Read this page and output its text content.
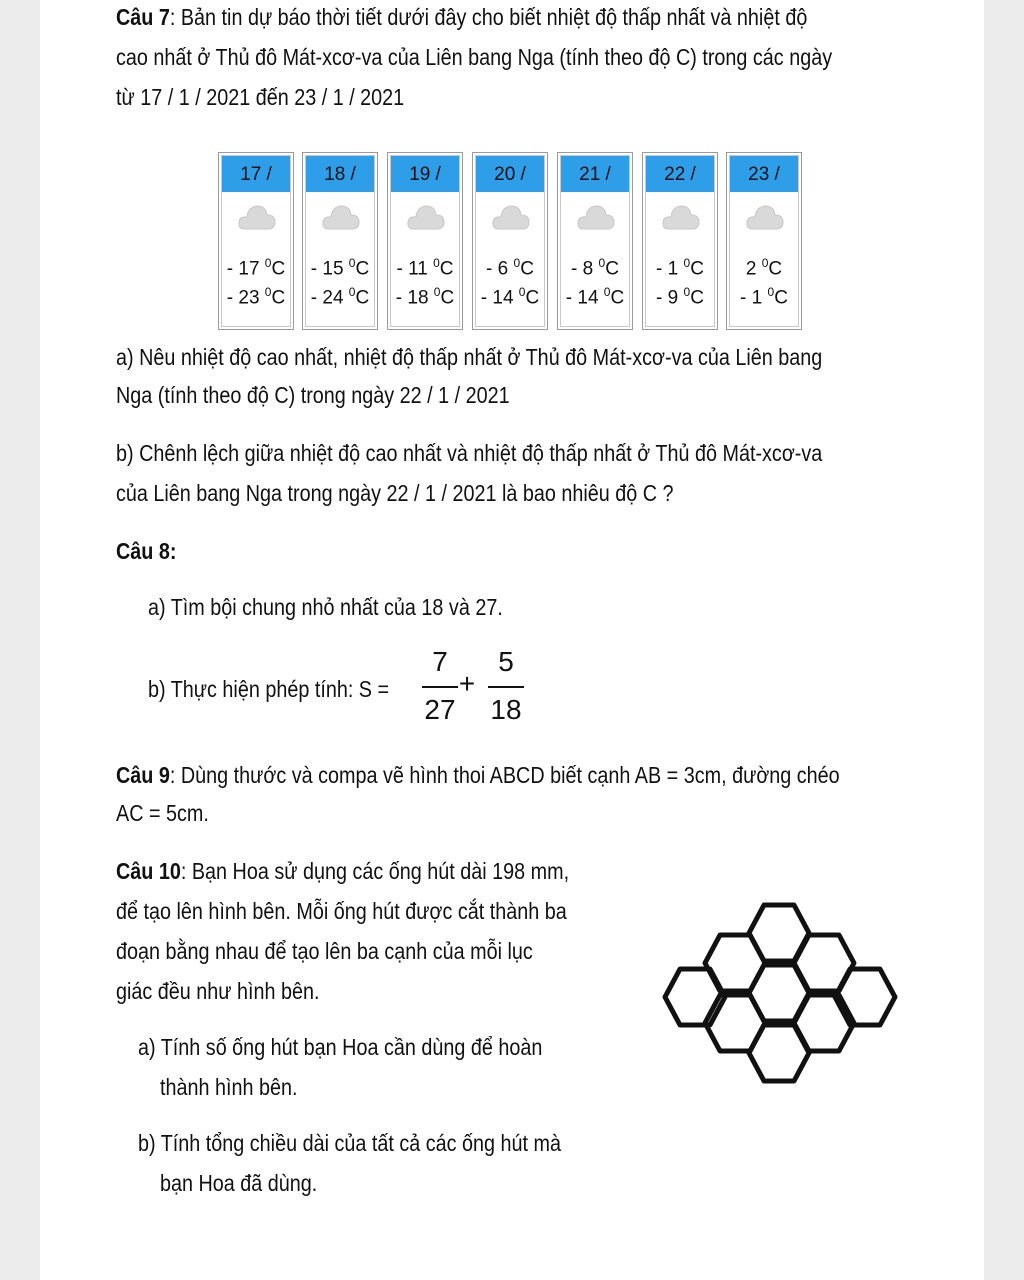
Câu 7: Bản tin dự báo thời tiết dưới đây cho biết nhiệt độ thấp nhất và nhiệt độ
cao nhất ở Thủ đô Mát-xcơ-va của Liên bang Nga (tính theo độ C) trong các ngày
từ 17 / 1 / 2021 đến 23 / 1 / 2021
17 /
- 17 $^0$C
- 23 $^0$C
18 /
- 15 $^0$C
- 24 $^0$C
19 /
- 11 $^0$C
- 18 $^0$C
20 /
- 6 $^0$C
- 14 $^0$C
21 /
- 8 $^0$C
- 14 $^0$C
22 /
- 1 $^0$C
- 9 $^0$C
23 /
2 $^0$C
- 1 $^0$C
a) Nêu nhiệt độ cao nhất, nhiệt độ thấp nhất ở Thủ đô Mát-xcơ-va của Liên bang
Nga (tính theo độ C) trong ngày 22 / 1 / 2021
b) Chênh lệch giữa nhiệt độ cao nhất và nhiệt độ thấp nhất ở Thủ đô Mát-xcơ-va
của Liên bang Nga trong ngày 22 / 1 / 2021 là bao nhiêu độ C ?
Câu 8:
a) Tìm bội chung nhỏ nhất của 18 và 27.
b) Thực hiện phép tính: S =
7
27
+
5
18
Câu 9: Dùng thước và compa vẽ hình thoi ABCD biết cạnh AB = 3cm, đường chéo
AC = 5cm.
Câu 10: Bạn Hoa sử dụng các ống hút dài 198 mm,
để tạo lên hình bên. Mỗi ống hút được cắt thành ba
đoạn bằng nhau để tạo lên ba cạnh của mỗi lục
giác đều như hình bên.
a) Tính số ống hút bạn Hoa cần dùng để hoàn
thành hình bên.
b) Tính tổng chiều dài của tất cả các ống hút mà
bạn Hoa đã dùng.
